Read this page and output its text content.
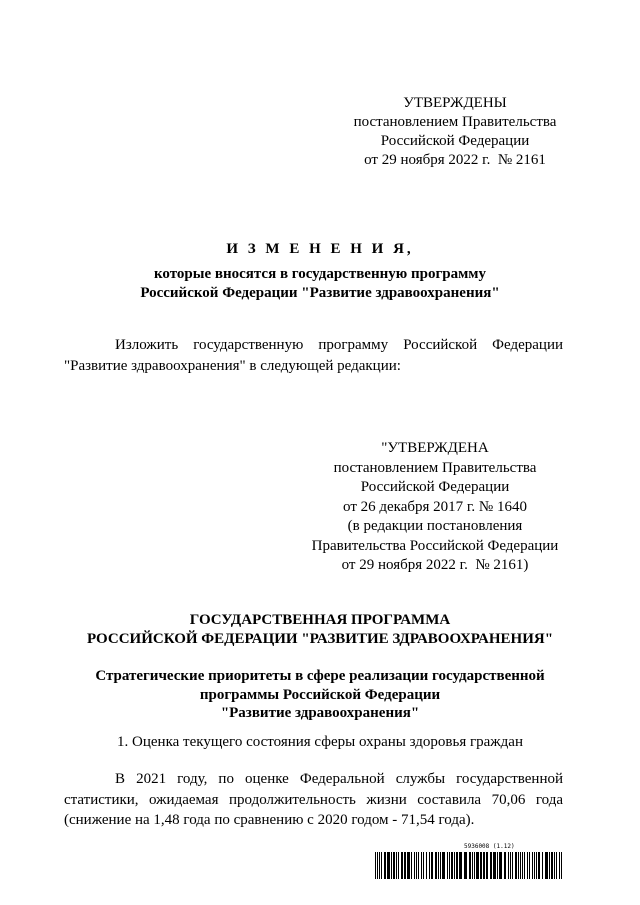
УТВЕРЖДЕНЫ
постановлением Правительства
Российской Федерации
от 29 ноября 2022 г.  № 2161
И З М Е Н Е Н И Я,
которые вносятся в государственную программу
Российской Федерации "Развитие здравоохранения"
Изложить государственную программу Российской Федерации "Развитие здравоохранения" в следующей редакции:
"УТВЕРЖДЕНА
постановлением Правительства
Российской Федерации
от 26 декабря 2017 г. № 1640
(в редакции постановления
Правительства Российской Федерации
от 29 ноября 2022 г.  № 2161)
ГОСУДАРСТВЕННАЯ ПРОГРАММА
РОССИЙСКОЙ ФЕДЕРАЦИИ "РАЗВИТИЕ ЗДРАВООХРАНЕНИЯ"
Стратегические приоритеты в сфере реализации государственной
программы Российской Федерации
"Развитие здравоохранения"
1. Оценка текущего состояния сферы охраны здоровья граждан
В 2021 году, по оценке Федеральной службы государственной статистики, ожидаемая продолжительность жизни составила 70,06 года (снижение на 1,48 года по сравнению с 2020 годом - 71,54 года).
5936008 (1.12)
